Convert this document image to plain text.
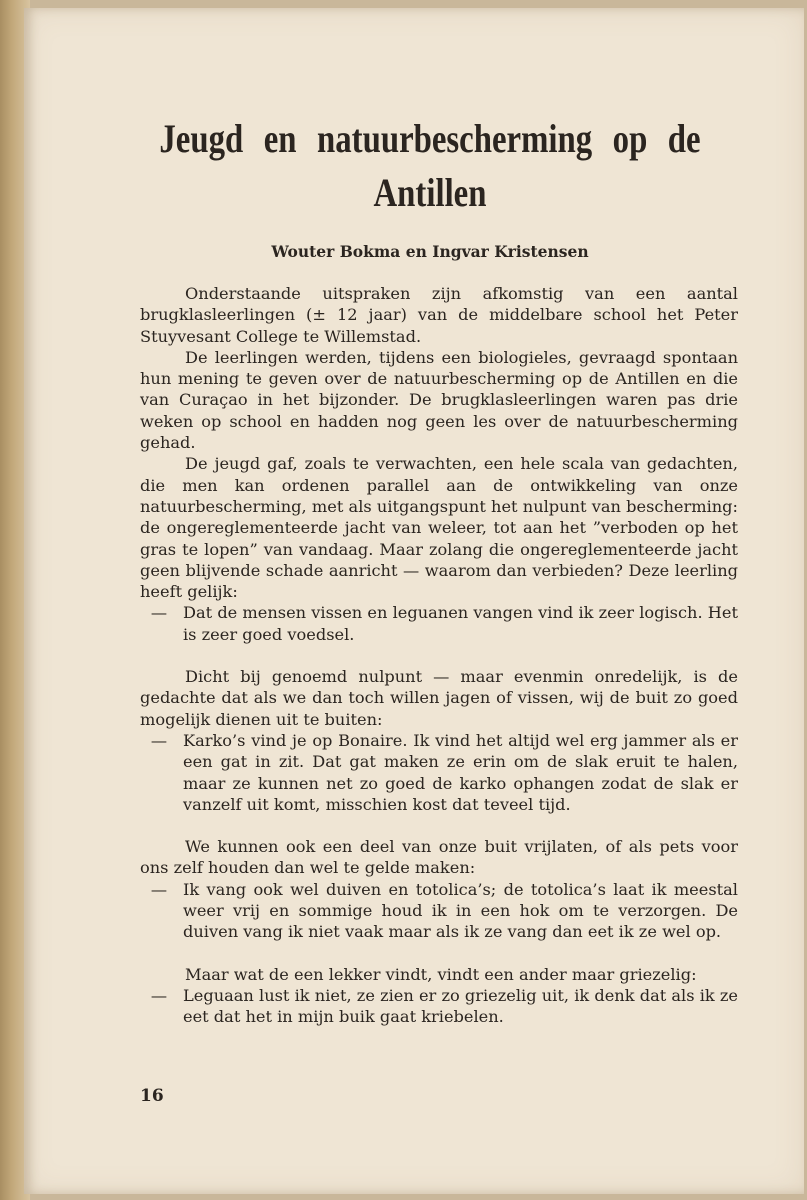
Jeugd en natuurbescherming op de
Antillen
Wouter Bokma en Ingvar Kristensen

Onderstaande uitspraken zijn afkomstig van een aantal brugklasleerlingen (± 12 jaar) van de middelbare school het Peter Stuyvesant College te Willemstad.

De leerlingen werden, tijdens een biologieles, gevraagd spontaan hun mening te geven over de natuurbescherming op de Antillen en die van Curaçao in het bijzonder. De brugklasleerlingen waren pas drie weken op school en hadden nog geen les over de natuurbescherming gehad.

De jeugd gaf, zoals te verwachten, een hele scala van gedachten, die men kan ordenen parallel aan de ontwikkeling van onze natuurbescherming, met als uitgangspunt het nulpunt van bescherming: de ongereglementeerde jacht van weleer, tot aan het ”verboden op het gras te lopen” van vandaag. Maar zolang die ongereglementeerde jacht geen blijvende schade aanricht — waarom dan verbieden? Deze leerling heeft gelijk:

— Dat de mensen vissen en leguanen vangen vind ik zeer logisch. Het is zeer goed voedsel.

Dicht bij genoemd nulpunt — maar evenmin onredelijk, is de gedachte dat als we dan toch willen jagen of vissen, wij de buit zo goed mogelijk dienen uit te buiten:

— Karko’s vind je op Bonaire. Ik vind het altijd wel erg jammer als er een gat in zit. Dat gat maken ze erin om de slak eruit te halen, maar ze kunnen net zo goed de karko ophangen zodat de slak er vanzelf uit komt, misschien kost dat teveel tijd.

We kunnen ook een deel van onze buit vrijlaten, of als pets voor ons zelf houden dan wel te gelde maken:

— Ik vang ook wel duiven en totolica’s; de totolica’s laat ik meestal weer vrij en sommige houd ik in een hok om te verzorgen. De duiven vang ik niet vaak maar als ik ze vang dan eet ik ze wel op.

Maar wat de een lekker vindt, vindt een ander maar griezelig:

— Leguaan lust ik niet, ze zien er zo griezelig uit, ik denk dat als ik ze eet dat het in mijn buik gaat kriebelen.
16
